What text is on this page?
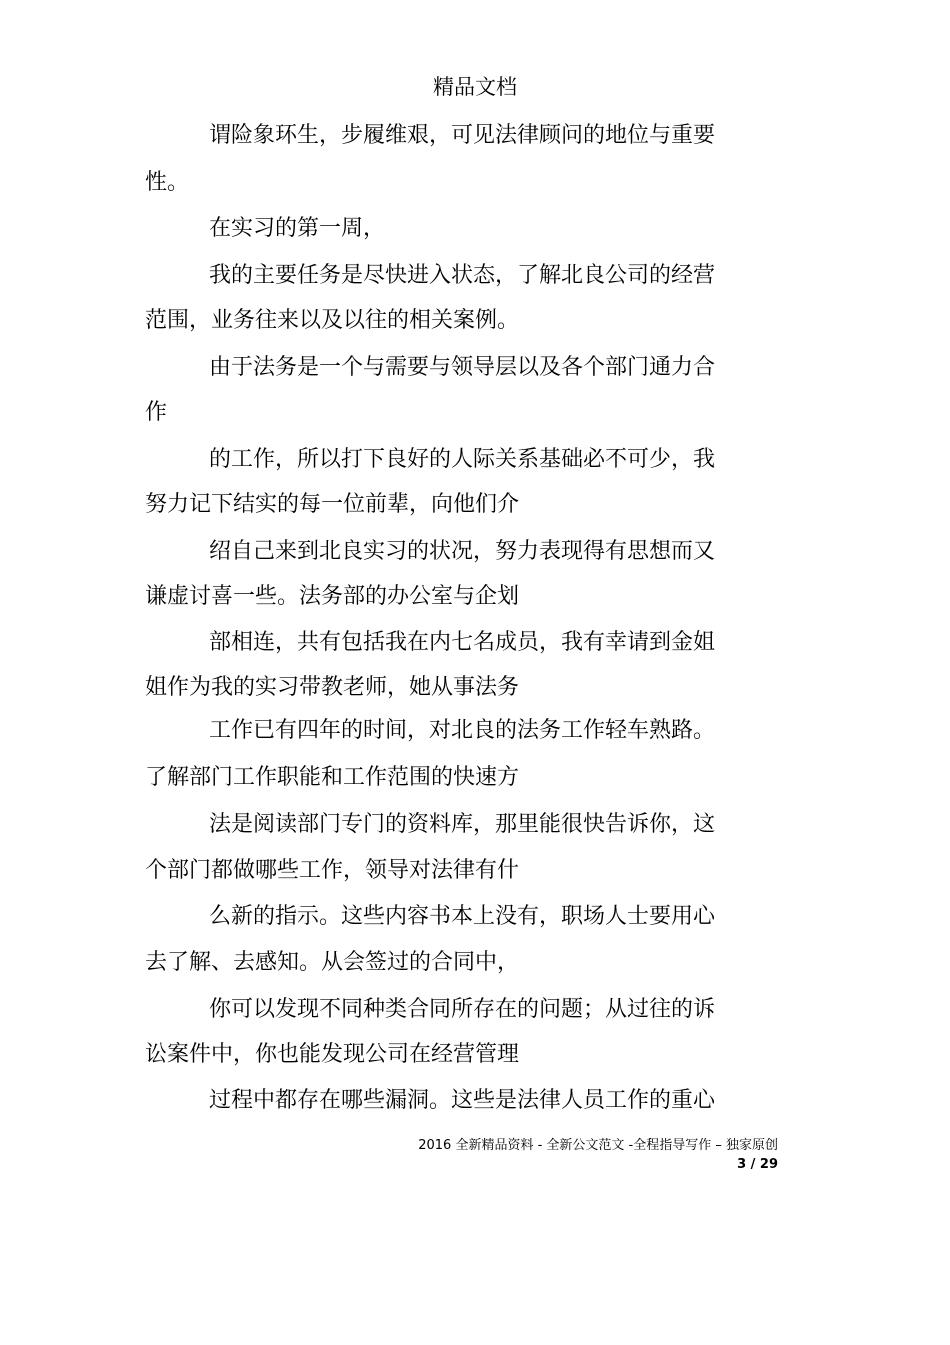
精品文档
谓险象环生，步履维艰，可见法律顾问的地位与重要
性。
在实习的第一周，
我的主要任务是尽快进入状态，了解北良公司的经营
范围，业务往来以及以往的相关案例。
由于法务是一个与需要与领导层以及各个部门通力合
作
的工作，所以打下良好的人际关系基础必不可少，我
努力记下结实的每一位前辈，向他们介
绍自己来到北良实习的状况，努力表现得有思想而又
谦虚讨喜一些。法务部的办公室与企划
部相连，共有包括我在内七名成员，我有幸请到金姐
姐作为我的实习带教老师，她从事法务
工作已有四年的时间，对北良的法务工作轻车熟路。
了解部门工作职能和工作范围的快速方
法是阅读部门专门的资料库，那里能很快告诉你，这
个部门都做哪些工作，领导对法律有什
么新的指示。这些内容书本上没有，职场人士要用心
去了解、去感知。从会签过的合同中，
你可以发现不同种类合同所存在的问题；从过往的诉
讼案件中，你也能发现公司在经营管理
过程中都存在哪些漏洞。这些是法律人员工作的重心
2016 全新精品资料 - 全新公文范文 -全程指导写作 – 独家原创
3 / 29
